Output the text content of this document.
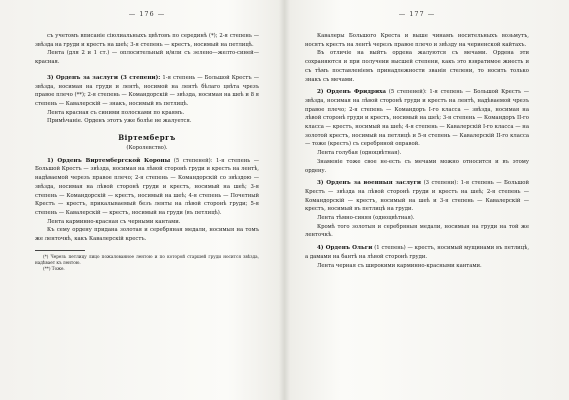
— 176 —

съ учетомъ вписаніе сіюлиальныхъ цвѣтовъ по серединѣ (*); 2-я степень — звѣзда на груди и крестъ на шеѣ; 3-я степень — крестъ, носимый на петлицѣ.

Лента (для 2 и 1 ст.) — оплосительный и/или съ зелено—желто-синей—красная.

3) Орденъ за заслуги (3 степени): 1-я степень — Большой Крестъ — звѣзда, носимая на груди и лентѣ, носимой на лентѣ бѣлаго цвѣта чрезъ правое плечо (**); 2-я степень — Командорскій — звѣзда, носимая на шеѣ и 8 я степень — Кавалерскій — знакъ, носимый въ петлицѣ.

Лента красная съ синими полосками по краямъ.

Примѣчаніе. Орденъ этотъ уже болѣе не жалуется.

Віртембергъ
(Королевство).

1) Орденъ Виртембергской Короны (5 степеней): 1-я степень — Большой Крестъ — звѣзда, носимая на лѣвой сторонѣ груди и крестъ на лентѣ, надѣваемой черезъ правое плечо; 2-я степень — Командорскій со звѣздою — звѣзда, носимая на лѣвой сторонѣ груди и крестъ, носимый на шеѣ; 3-я степень — Командорскій — крестъ, носимый на шеѣ; 4-я степень — Почетный Крестъ — крестъ, прикалываемый безъ ленты на лѣвой сторонѣ груди; 5-я степень — Кавалерскій — крестъ, носимый на груди (въ петлицѣ).

Лента карминно-красная съ черными кантами.

Къ сему ордену придана золотая и серебряная медали, носимыя на томъ же ленточкѣ, какъ Кавалерскій крестъ.

(*) Черезъ петлицу лицо пожалованное лентою и по которой старшей груди носится звѣзда, надѣвает къ лентою.

(**) Тоже.

— 177 —

Кавалеры Большого Креста и выше чинамъ носительныхъ возьмутъ, носятъ крестъ на лентѣ черезъ правое плечо и звѣзду на чериенской кайтахъ.

Въ отличіе на выйтъ ордена жалуются съ мечами. Ордена эти сохраняются и при получеии высшей степени, какъ это взвратимое жиесть и съ тѣмъ поставленіемъ принадлежности званія стелени, то носить только знакъ съ мечами.

2) Орденъ Фридриха (5 степеней): 1-я степень — Большой Крестъ — звѣзда, носимая на лѣвой сторонѣ груди и крестъ на лентѣ, надѣваемой чрезъ правое плечо; 2-я степень — Командоръ I-го класса — звѣзда, носимая на лѣвой сторонѣ груди и крестъ, носимый на шеѣ; 3-я степень — Командоръ II-го класса — крестъ, носимый на шеѣ; 4-я степень — Кавалерскій I-го класса — на золотой крестъ, носимый на петлицѣ и 5-я степень — Кавалерскій II-го класса — тоже (крестъ) съ серебряной оправой.

Лента голубая (одноцвѣтная).

Знаменіе тоже свое не-есть съ мечами можно относится и въ этому ордену.

3) Орденъ за военныя заслуги (3 степени): 1-я степень — Большой Крестъ — звѣзда на лѣвой сторонѣ груди и крестъ на шеѣ; 2-я степень — Командорскій — крестъ, носимый на шеѣ и 3-я степень — Кавалерскій — крестъ, носимый въ петлицѣ на груди.

Лента тѣмно-синяя (одноцвѣтная).

Кромѣ того золотыя и серебряныя медали, носимыя на груди на той же ленточкѣ.

4) Орденъ Ольги (1 степень) — крестъ, носимый мущинами въ петлицѣ, а дамами на бантѣ на лѣвой сторонѣ груди.

Лента черная съ широкими карминно-красными кантами.
